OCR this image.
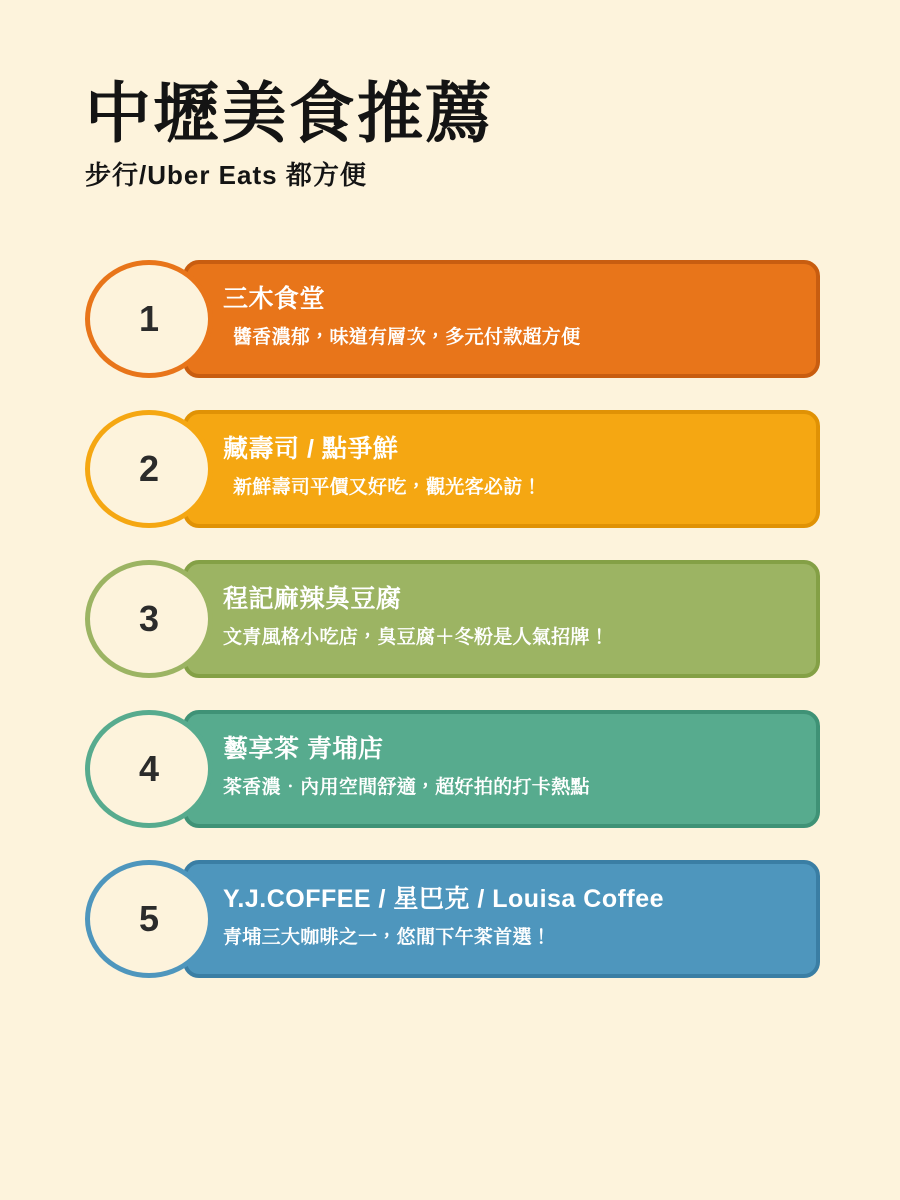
中壢美食推薦

步行/Uber Eats 都方便

1	三木食堂
醬香濃郁，味道有層次，多元付款超方便
2	藏壽司 / 點爭鮮
新鮮壽司平價又好吃，觀光客必訪！
3	程記麻辣臭豆腐
文青風格小吃店，臭豆腐＋冬粉是人氣招牌！
4	藝享茶 青埔店
茶香濃．內用空間舒適，超好拍的打卡熱點
5	Y.J.COFFEE / 星巴克 / Louisa Coffee
青埔三大咖啡之一，悠閒下午茶首選！
